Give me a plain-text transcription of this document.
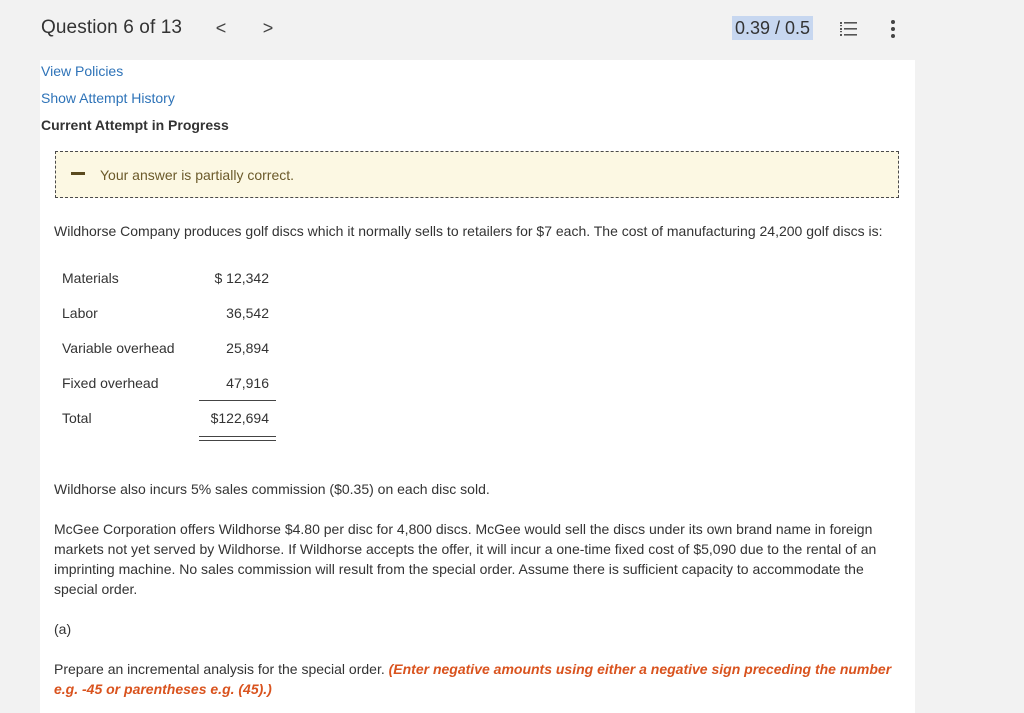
Question 6 of 13	<	>	0.39 / 0.5
View Policies
Show Attempt History
Current Attempt in Progress
Your answer is partially correct.
Wildhorse Company produces golf discs which it normally sells to retailers for $7 each. The cost of manufacturing 24,200 golf discs is:
Materials	$ 12,342
Labor	36,542
Variable overhead	25,894
Fixed overhead	47,916
Total	$122,694
Wildhorse also incurs 5% sales commission ($0.35) on each disc sold.
McGee Corporation offers Wildhorse $4.80 per disc for 4,800 discs. McGee would sell the discs under its own brand name in foreign markets not yet served by Wildhorse. If Wildhorse accepts the offer, it will incur a one-time fixed cost of $5,090 due to the rental of an imprinting machine. No sales commission will result from the special order. Assume there is sufficient capacity to accommodate the special order.
(a)
Prepare an incremental analysis for the special order. (Enter negative amounts using either a negative sign preceding the number e.g. -45 or parentheses e.g. (45).)
